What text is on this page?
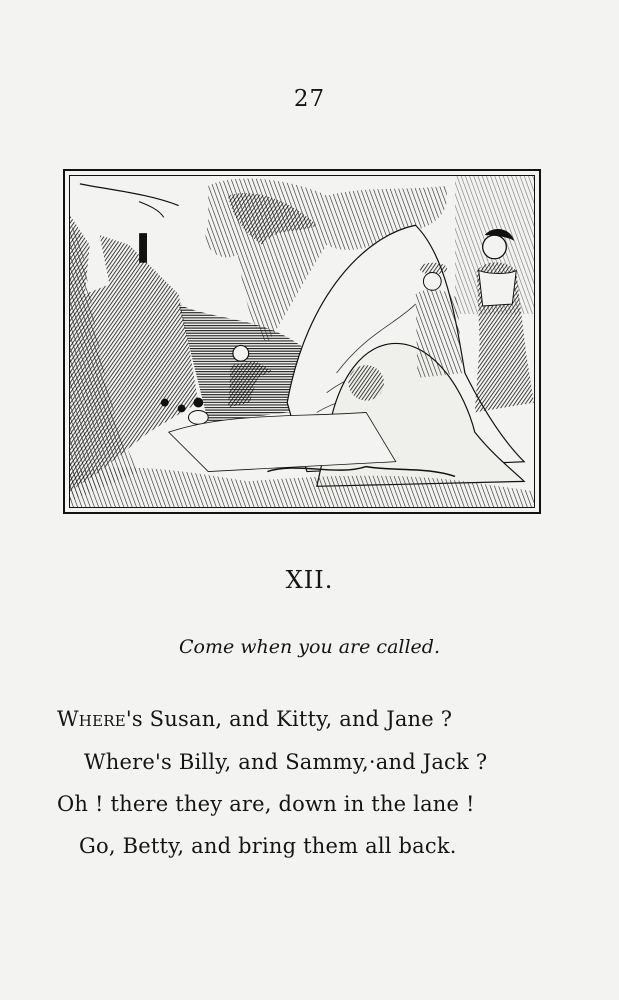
27
XII.
Come when you are called.
Where's Susan, and Kitty, and Jane ?
Where's Billy, and Sammy,·and Jack ?
Oh ! there they are, down in the lane !
Go, Betty, and bring them all back.
